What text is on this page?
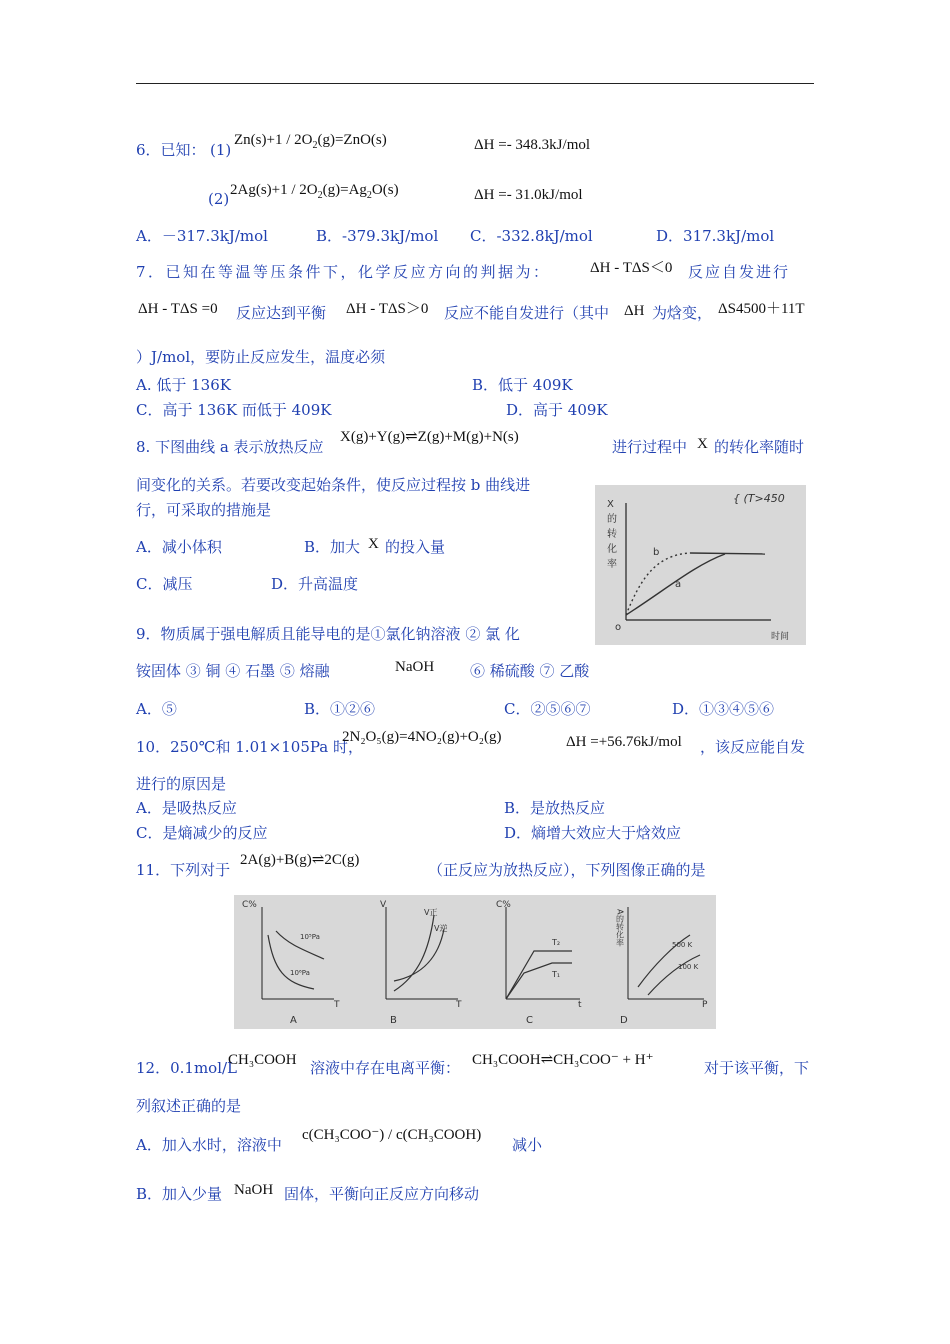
6．已知： (1)
$Zn(s)+1 / 2O_2(g)=ZnO(s)$	ΔH =- 348.3kJ/mol
(2) $2Ag(s)+1 / 2O_2(g)=Ag_2O(s)$	ΔH =- 31.0kJ/mol
A．－317.3kJ/mol	B．-379.3kJ/mol C．-332.8kJ/mol	D．317.3kJ/mol
7．已知在等温等压条件下，化学反应方向的判据为：	ΔH - TΔS＜0 反应自发进行
ΔH - TΔS =0 反应达到平衡 ΔH - TΔS＞0 反应不能自发进行（其中 ΔH 为焓变， ΔS4500＋11T
）J/mol，要防止反应发生，温度必须
A. 低于 136K	B．低于 409K
C．高于 136K 而低于 409K	D．高于 409K
8. 下图曲线 a 表示放热反应
X(g)+Y(g)⇌Z(g)+M(g)+N(s)
进行过程中 X 的转化率随时
间变化的关系。若要改变起始条件，使反应过程按 b 曲线进
行，可采取的措施是
A．减小体积	B．加大 X 的投入量
C．减压	D．升高温度
X
的
转
化
率
o
时间
b
a
{ (T>450
9．物质属于强电解质且能导电的是①氯化钠溶液 ② 氯 化
铵固体 ③ 铜 ④ 石墨 ⑤ 熔融	NaOH ⑥ 稀硫酸 ⑦ 乙酸
A．⑤	B．①②⑥	C．②⑤⑥⑦	D．①③④⑤⑥
10．250℃和 1.01×105Pa 时，
2N₂O₅(g)=4NO₂(g)+O₂(g)	ΔH =+56.76kJ/mol ，该反应能自发
进行的原因是
A．是吸热反应	B．是放热反应
C．是熵减少的反应	D．熵增大效应大于焓效应
11．下列对于
2A(g)+B(g)⇌2C(g)
（正反应为放热反应），下列图像正确的是
C%
T
10⁵Pa
10⁶Pa
A
V
T
V正
V逆
B
C%
t
T₂
T₁
C
A的转化率
P
500 K
100 K
D
12．0.1mol/L
CH₃COOH 溶液中存在电离平衡： CH₃COOH⇌CH₃COO⁻ + H⁺	对于该平衡，下
列叙述正确的是
A．加入水时，溶液中
c(CH₃COO⁻) / c(CH₃COOH)
减小
B．加入少量 NaOH 固体，平衡向正反应方向移动
